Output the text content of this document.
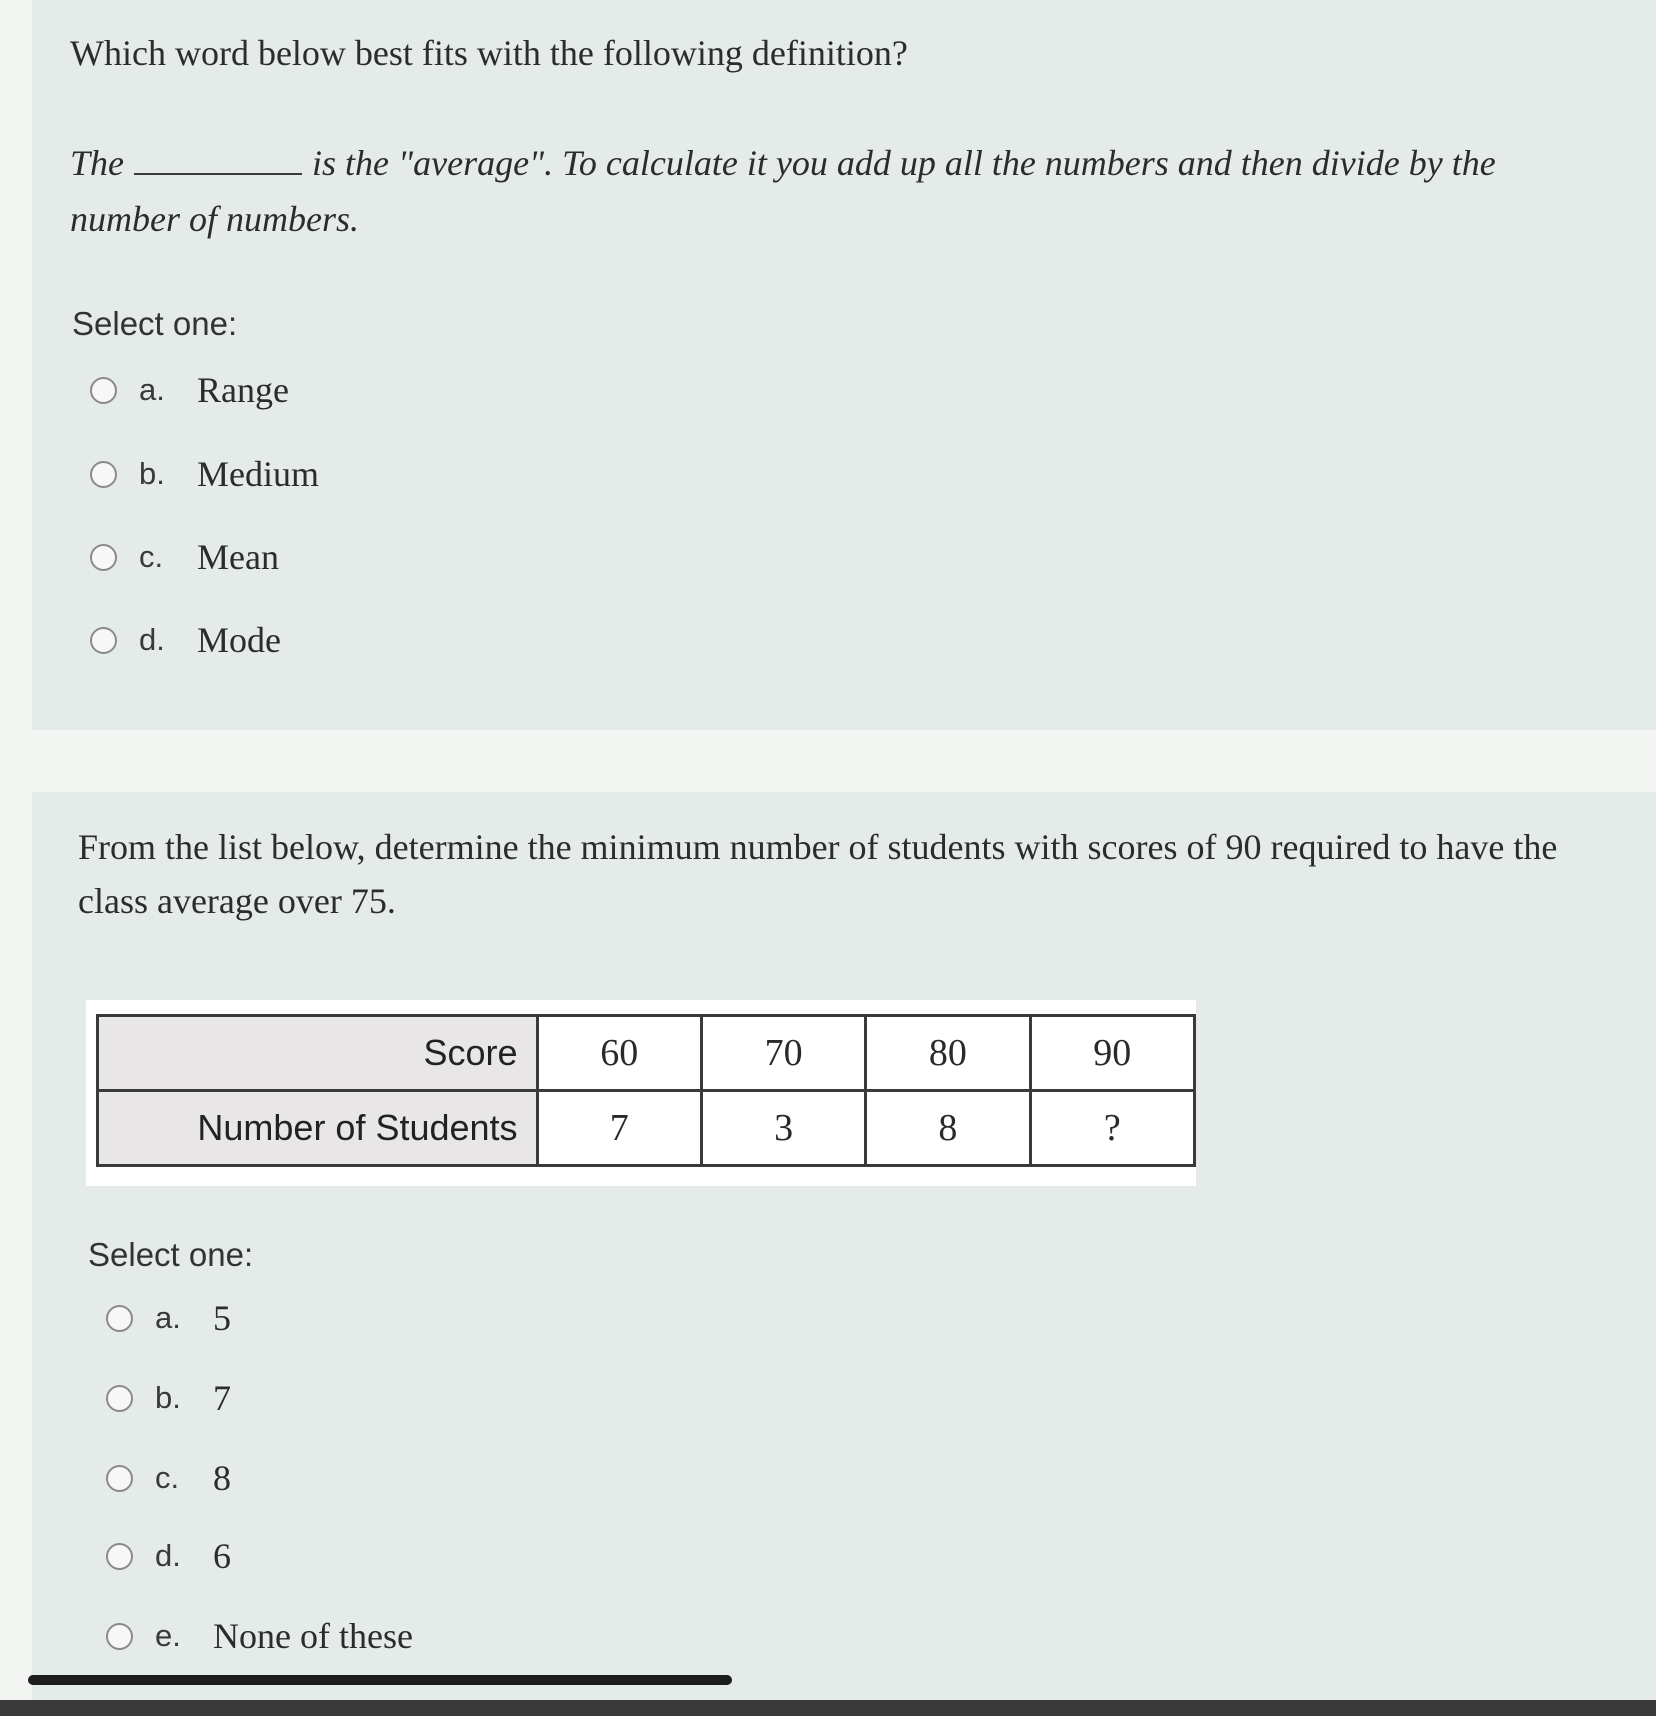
Which word below best fits with the following definition?
The	is the "average". To calculate it you add up all the numbers and then divide by the
number of numbers.
Select one:
a. Range
b. Medium
c. Mean
d. Mode
From the list below, determine the minimum number of students with scores of 90 required to have the
class average over 75.
Select one:
a. 5
b. 7
c. 8
d. 6
e. None of these
Score	60	70	80	90
Number of Students	7	3	8	?
